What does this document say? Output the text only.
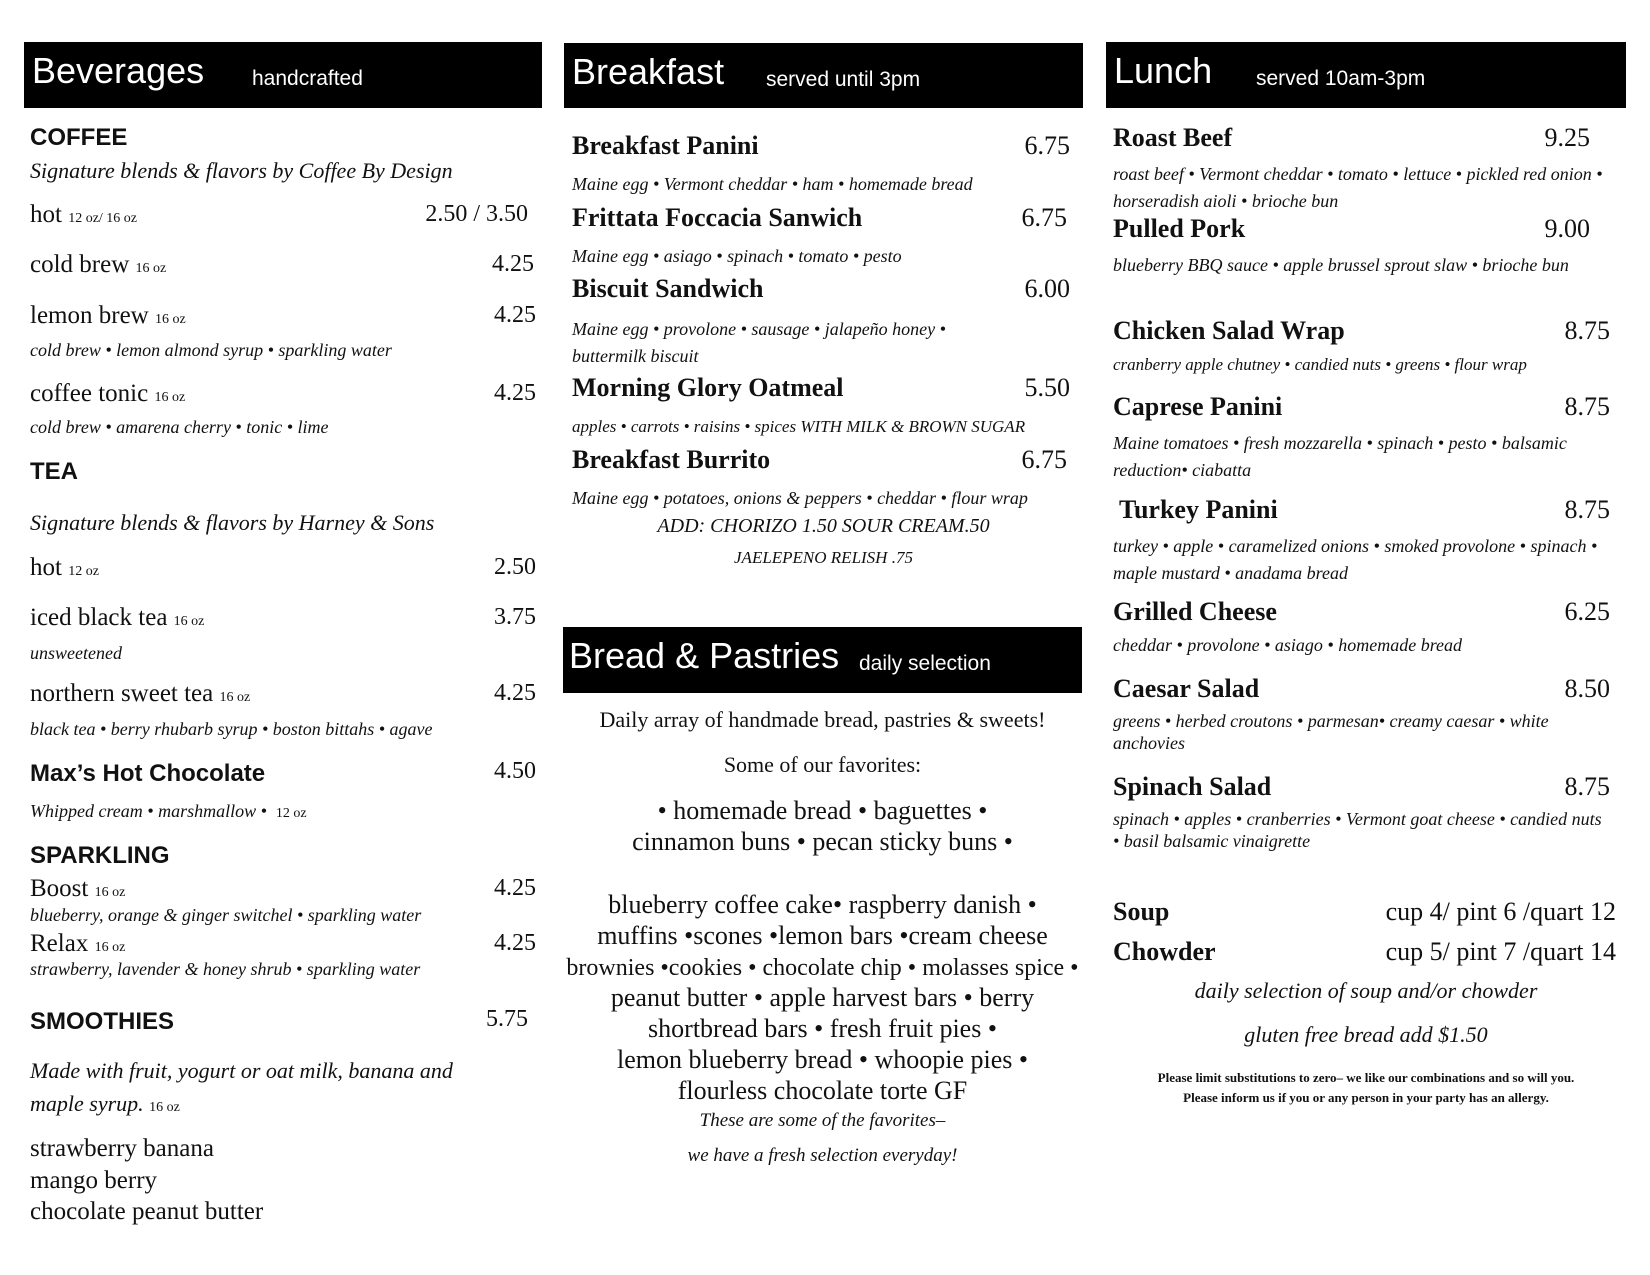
Beverages handcrafted
COFFEE
Signature blends & flavors by Coffee By Design
hot 12 oz/ 16 oz	2.50 / 3.50
cold brew 16 oz	4.25
lemon brew 16 oz	4.25
cold brew • lemon almond syrup • sparkling water
coffee tonic 16 oz	4.25
cold brew • amarena cherry • tonic • lime
TEA
Signature blends & flavors by Harney & Sons
hot 12 oz	2.50
iced black tea 16 oz	3.75
unsweetened
northern sweet tea 16 oz	4.25
black tea • berry rhubarb syrup • boston bittahs • agave
Max’s Hot Chocolate	4.50
Whipped cream • marshmallow • 12 oz
SPARKLING
Boost 16 oz	4.25
blueberry, orange & ginger switchel • sparkling water
Relax 16 oz	4.25
strawberry, lavender & honey shrub • sparkling water
SMOOTHIES	5.75
Made with fruit, yogurt or oat milk, banana and
maple syrup. 16 oz
strawberry banana
mango berry
chocolate peanut butter
Breakfast served until 3pm
Breakfast Panini	6.75
Maine egg • Vermont cheddar • ham • homemade bread
Frittata Foccacia Sanwich	6.75
Maine egg • asiago • spinach • tomato • pesto
Biscuit Sandwich	6.00
Maine egg • provolone • sausage • jalapeño honey • buttermilk biscuit
Morning Glory Oatmeal	5.50
apples • carrots • raisins • spices WITH MILK & BROWN SUGAR
Breakfast Burrito	6.75
Maine egg • potatoes, onions & peppers • cheddar • flour wrap
ADD: CHORIZO 1.50 SOUR CREAM.50
JAELEPENO RELISH .75
Bread & Pastries daily selection
Daily array of handmade bread, pastries & sweets!
Some of our favorites:
• homemade bread • baguettes •
cinnamon buns • pecan sticky buns •
blueberry coffee cake• raspberry danish •
muffins •scones •lemon bars •cream cheese
brownies •cookies • chocolate chip • molasses spice •
peanut butter • apple harvest bars • berry
shortbread bars • fresh fruit pies •
lemon blueberry bread • whoopie pies •
flourless chocolate torte GF
These are some of the favorites–
we have a fresh selection everyday!
Lunch served 10am-3pm
Roast Beef	9.25
roast beef • Vermont cheddar • tomato • lettuce • pickled red onion • horseradish aioli • brioche bun
Pulled Pork	9.00
blueberry BBQ sauce • apple brussel sprout slaw • brioche bun
Chicken Salad Wrap	8.75
cranberry apple chutney • candied nuts • greens • flour wrap
Caprese Panini	8.75
Maine tomatoes • fresh mozzarella • spinach • pesto • balsamic reduction• ciabatta
Turkey Panini	8.75
turkey • apple • caramelized onions • smoked provolone • spinach • maple mustard • anadama bread
Grilled Cheese	6.25
cheddar • provolone • asiago • homemade bread
Caesar Salad	8.50
greens • herbed croutons • parmesan• creamy caesar • white anchovies
Spinach Salad	8.75
spinach • apples • cranberries • Vermont goat cheese • candied nuts • basil balsamic vinaigrette
Soup	cup 4/ pint 6 /quart 12
Chowder	cup 5/ pint 7 /quart 14
daily selection of soup and/or chowder
gluten free bread add $1.50
Please limit substitutions to zero– we like our combinations and so will you.
Please inform us if you or any person in your party has an allergy.
